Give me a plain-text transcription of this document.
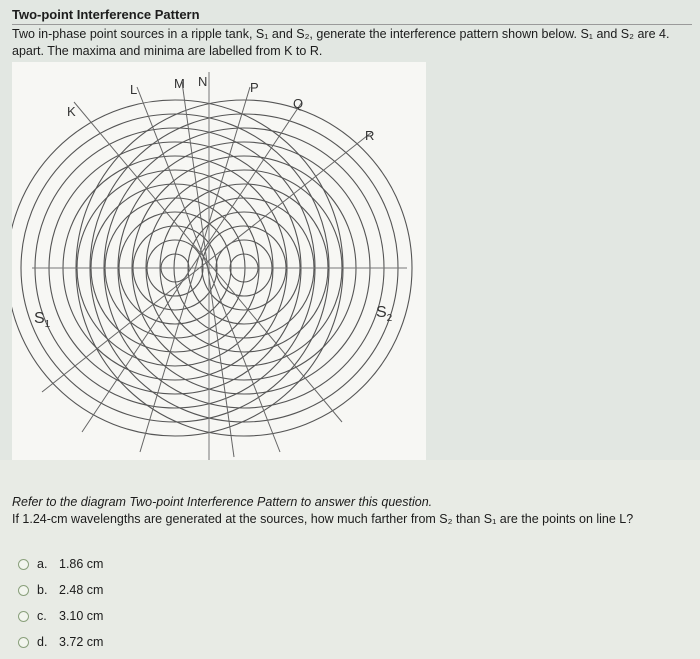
Two-point Interference Pattern
Two in-phase point sources in a ripple tank, S₁ and S₂, generate the interference pattern shown below. S₁ and S₂ are 4.
apart. The maxima and minima are labelled from K to R.
K
L	M N	P
Q
R
$S_1$
$S_2$
Refer to the diagram Two-point Interference Pattern to answer this question.
If 1.24-cm wavelengths are generated at the sources, how much farther from S₂ than S₁ are the points on line L?
a. 1.86 cm
b. 2.48 cm
c. 3.10 cm
d. 3.72 cm
